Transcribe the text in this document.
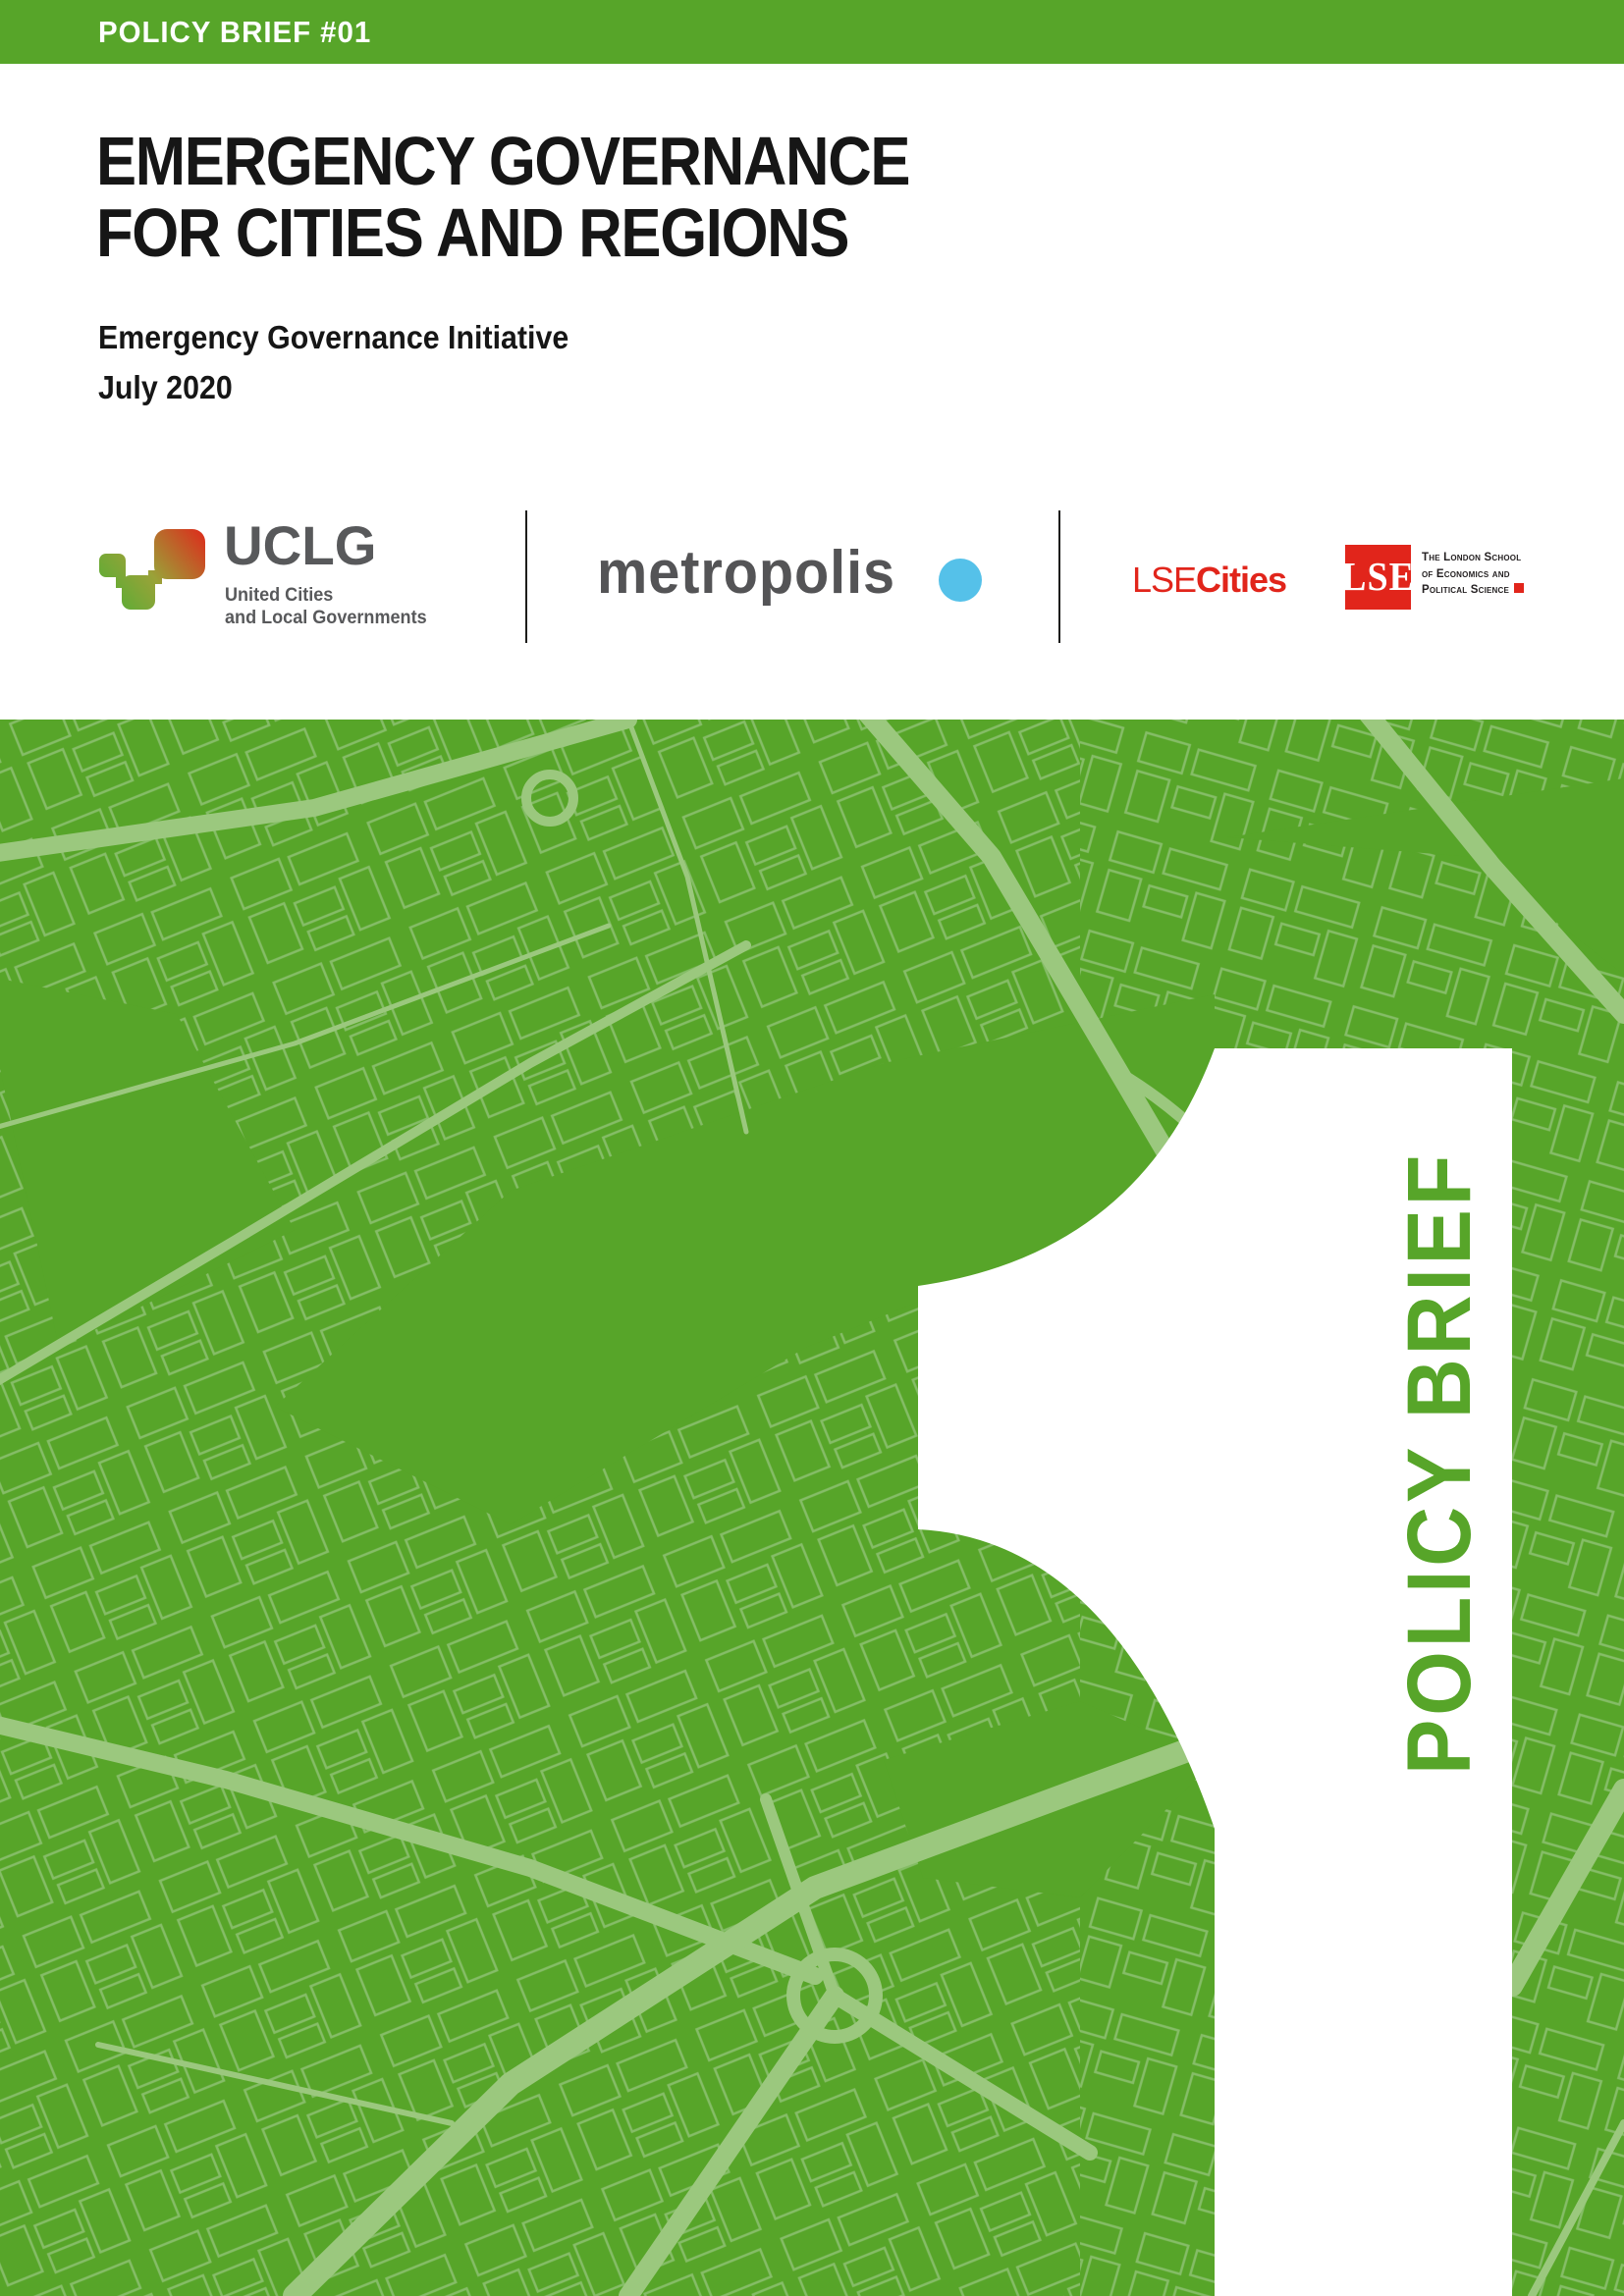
POLICY BRIEF #01
EMERGENCY GOVERNANCE
FOR CITIES AND REGIONS
Emergency Governance Initiative
July 2020
UCLG
United Cities
and Local Governments
metropolis	LSECities LSE The London School
of Economics and
Political Science
POLICY BRIEF
